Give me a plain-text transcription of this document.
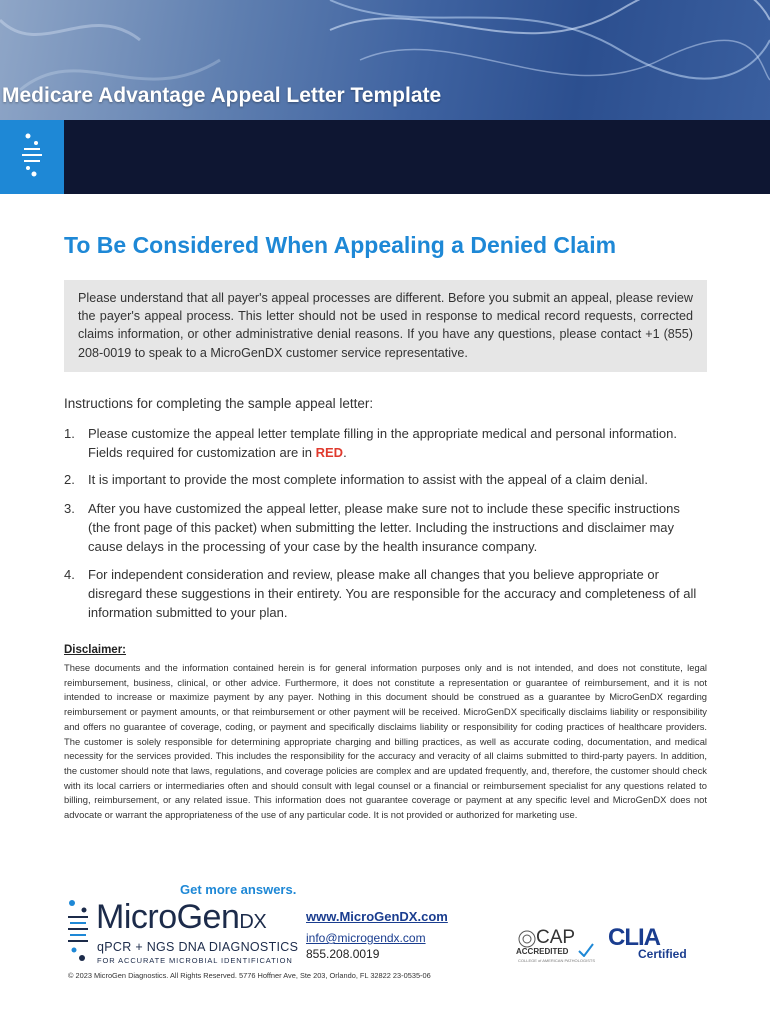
Medicare Advantage Appeal Letter Template
To Be Considered When Appealing a Denied Claim

Please understand that all payer's appeal processes are different. Before you submit an appeal, please review the payer's appeal process. This letter should not be used in response to medical record requests, corrected claims information, or other administrative denial reasons. If you have any questions, please contact +1 (855) 208-0019 to speak to a MicroGenDX customer service representative.

Instructions for completing the sample appeal letter:
1.	Please customize the appeal letter template filling in the appropriate medical and personal information. Fields required for customization are in RED.
2.	It is important to provide the most complete information to assist with the appeal of a claim denial.
3.	After you have customized the appeal letter, please make sure not to include these specific instructions (the front page of this packet) when submitting the letter. Including the instructions and disclaimer may cause delays in the processing of your case by the health insurance company.
4.	For independent consideration and review, please make all changes that you believe appropriate or disregard these suggestions in their entirety. You are responsible for the accuracy and completeness of all information submitted to your plan.
Disclaimer:
These documents and the information contained herein is for general information purposes only and is not intended, and does not constitute, legal reimbursement, business, clinical, or other advice. Furthermore, it does not constitute a representation or guarantee of reimbursement, and it is not intended to increase or maximize payment by any payer. Nothing in this document should be construed as a guarantee by MicroGenDX regarding reimbursement or payment amounts, or that reimbursement or other payment will be received. MicroGenDX specifically disclaims liability or responsibility and offers no guarantee of coverage, coding, or payment and specifically disclaims liability or responsibility for coding practices of healthcare providers. The customer is solely responsible for determining appropriate charging and billing practices, as well as accurate coding, documentation, and medical necessity for the services provided. This includes the responsibility for the accuracy and veracity of all claims submitted to third-party payers. In addition, the customer should note that laws, regulations, and coverage policies are complex and are updated frequently, and, therefore, the customer should check with its local carriers or intermediaries often and should consult with legal counsel or a financial or reimbursement specialist for any questions related to billing, reimbursement, or any related issue. This information does not guarantee coverage or payment at any specific level and MicroGenDX does not advocate or warrant the appropriateness of the use of any particular code. It is not provided or authorized for marketing use.
Get more answers.
MicroGenDX
qPCR + NGS DNA DIAGNOSTICS
FOR ACCURATE MICROBIAL IDENTIFICATION
www.MicroGenDX.com
info@microgendx.com
855.208.0019
CAP
ACCREDITED
COLLEGE of AMERICAN PATHOLOGISTS
CLIA
Certified
© 2023 MicroGen Diagnostics. All Rights Reserved. 5776 Hoffner Ave, Ste 203, Orlando, FL 32822 23-0535-06
